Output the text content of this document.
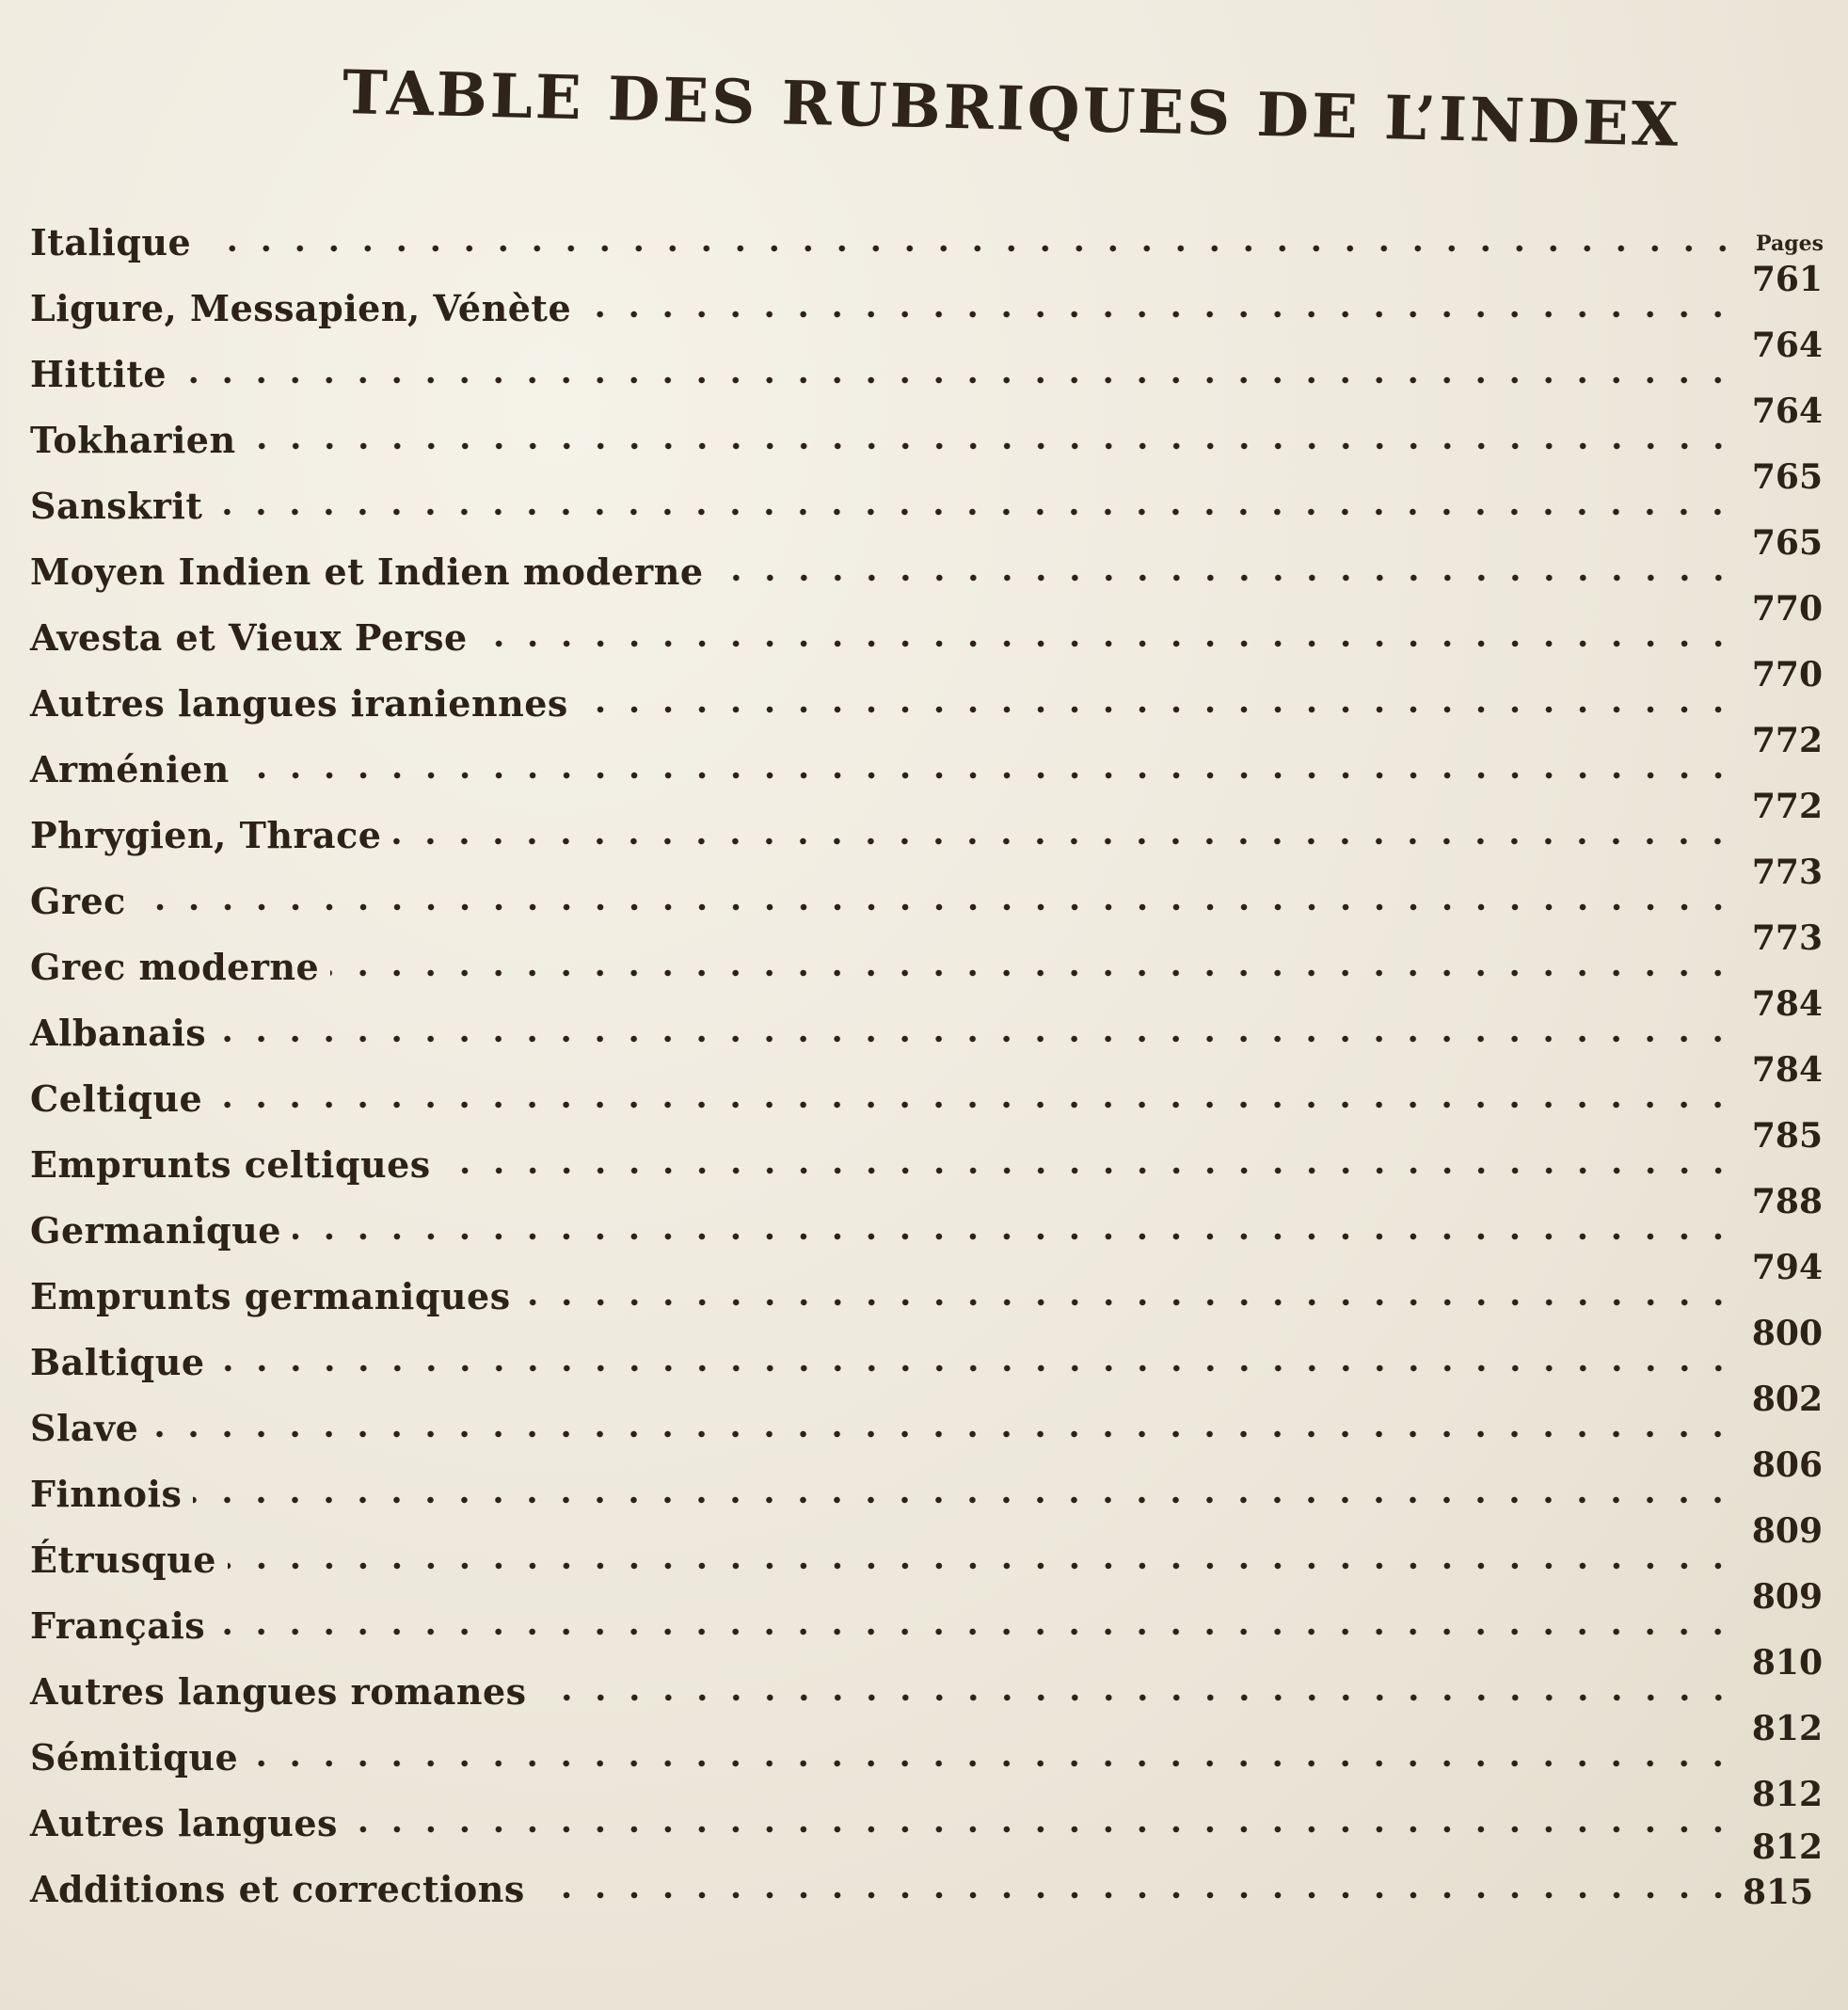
TABLE DES RUBRIQUES DE L’INDEX
Pages
Italique
Ligure, Messapien, Vénète
761
Hittite
764
Tokharien
764
Sanskrit
765
Moyen Indien et Indien moderne
765
Avesta et Vieux Perse
770
Autres langues iraniennes
770
Arménien
772
Phrygien, Thrace
772
Grec
773
Grec moderne
773
Albanais
784
Celtique
784
Emprunts celtiques
785
Germanique
788
Emprunts germaniques
794
Baltique
800
Slave
802
Finnois
806
Étrusque
809
Français
809
Autres langues romanes
810
Sémitique
812
Autres langues
812
Additions et corrections
812
815
